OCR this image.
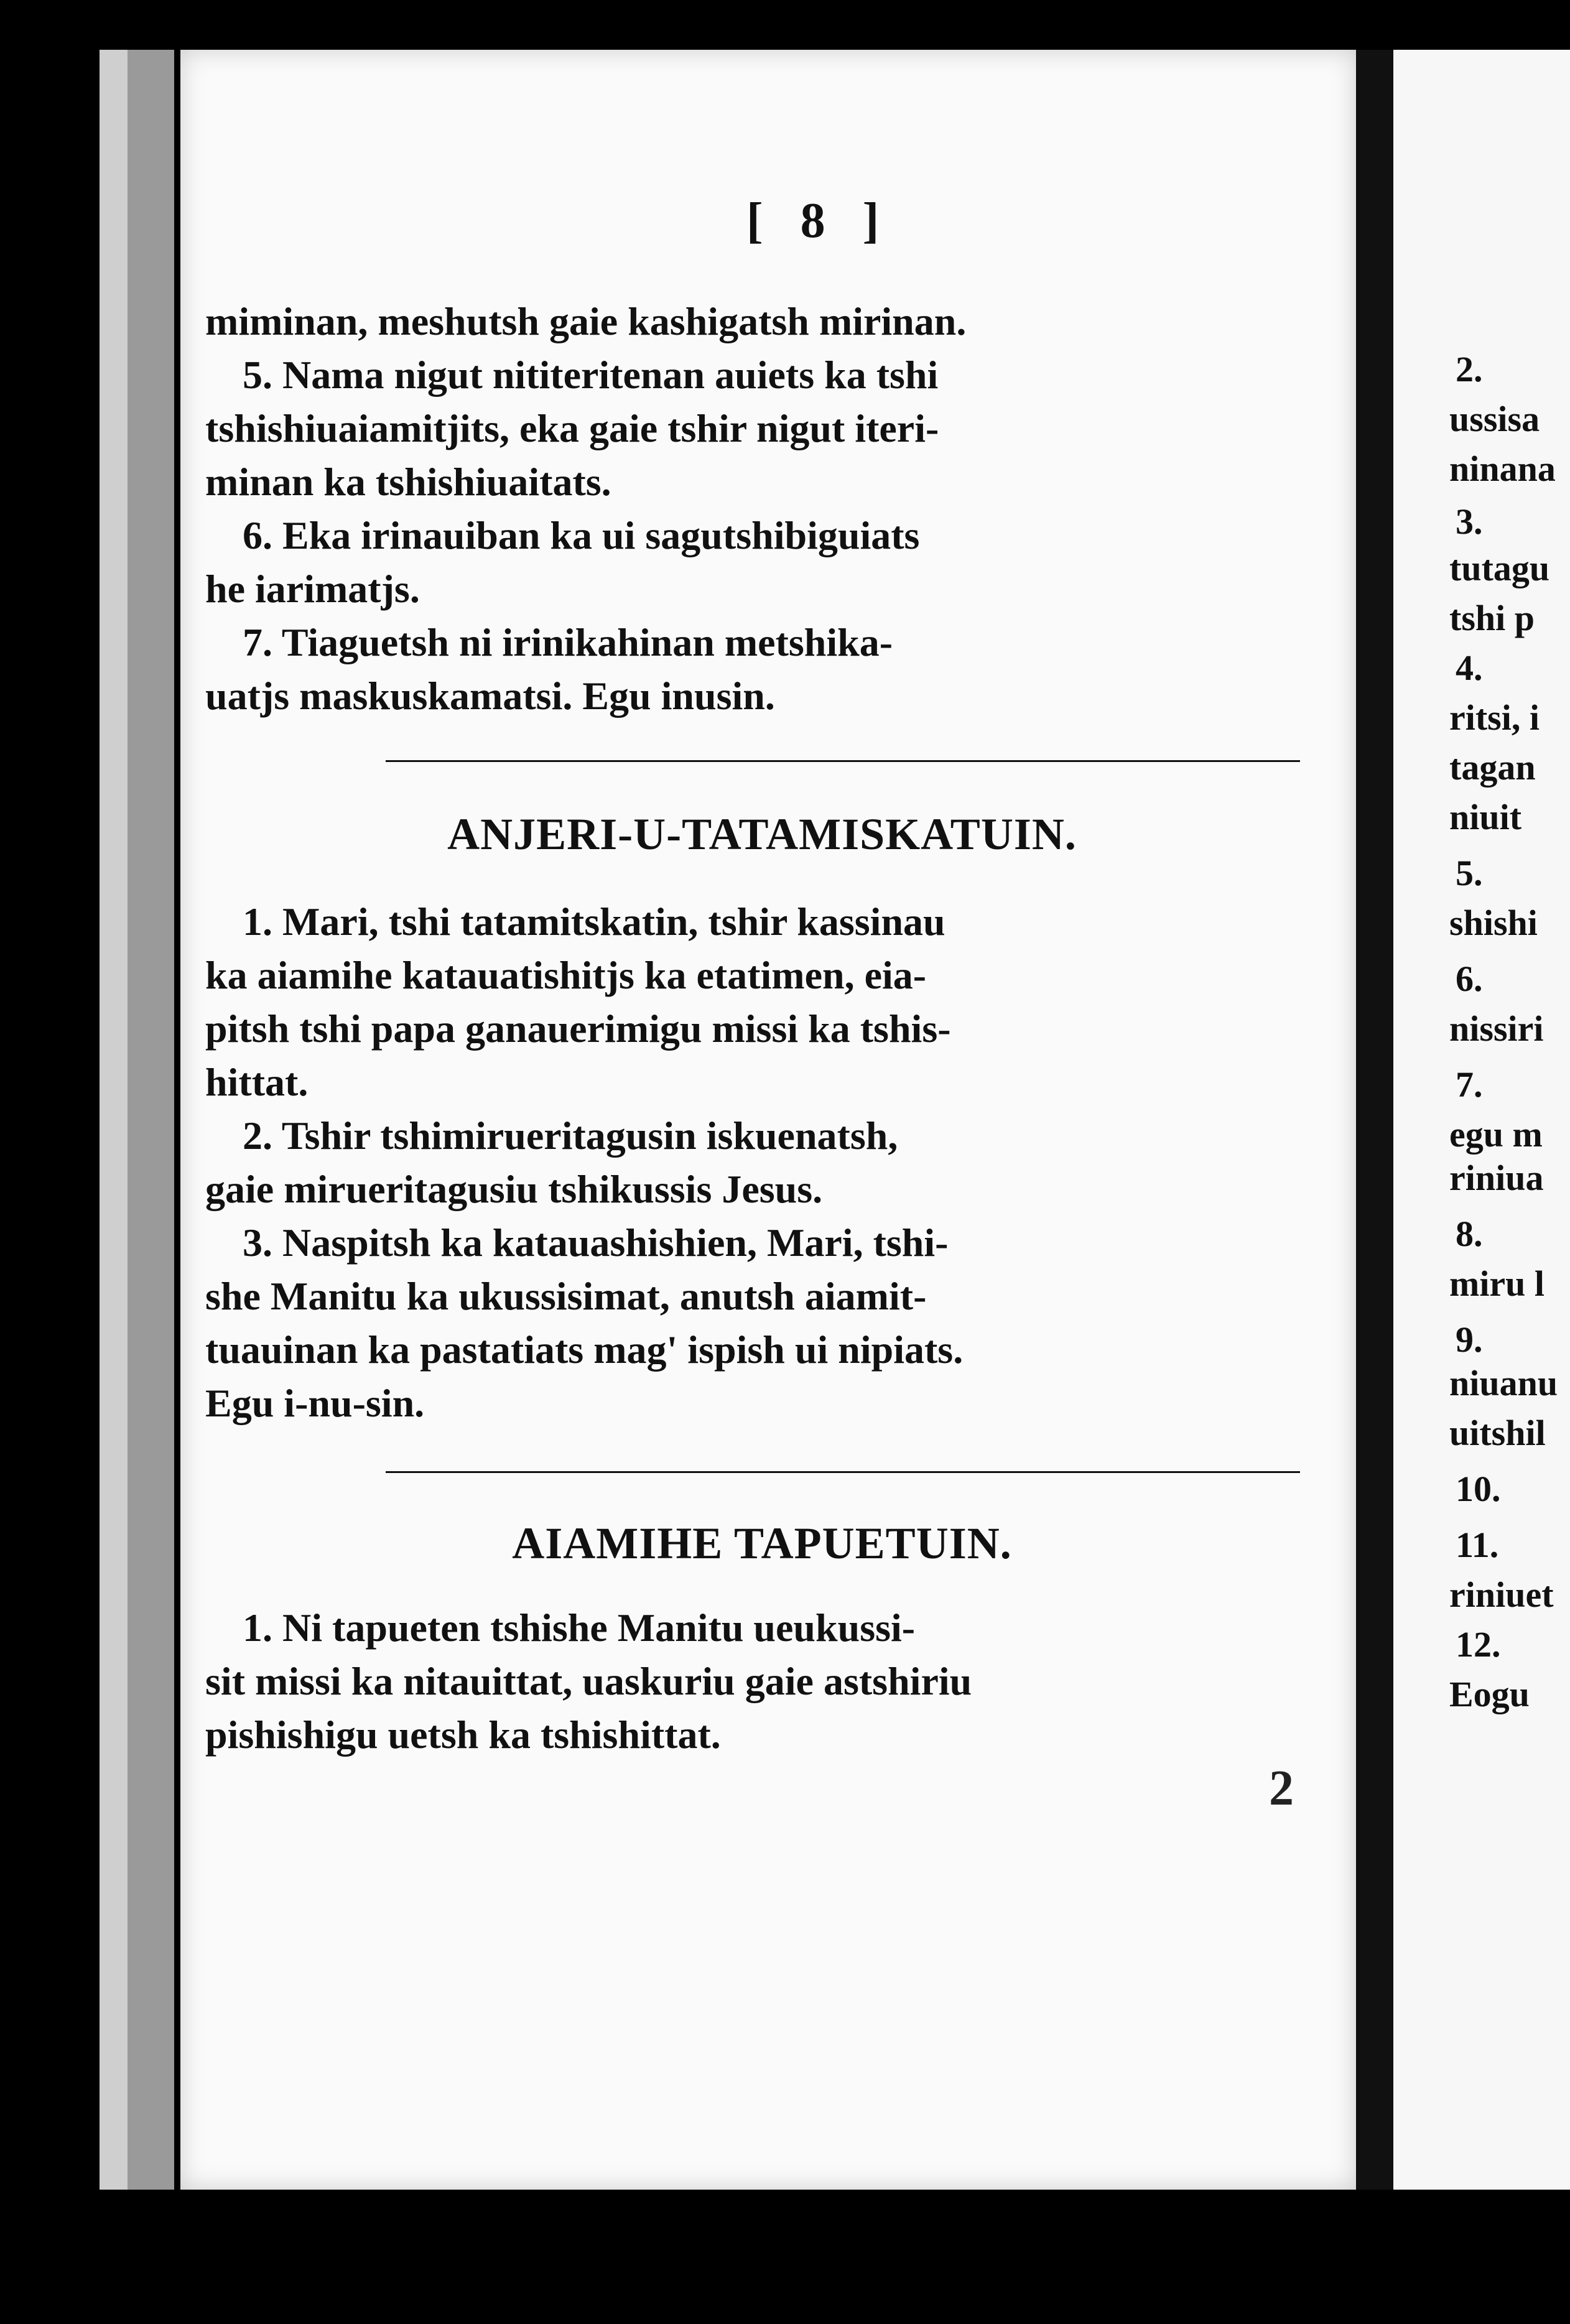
2.
ussisa
ninana
3.
tutagu
tshi p
4.
ritsi, i
tagan
niuit
5.
shishi
6.
nissiri
7.
egu m
riniua
8.
miru l
9.
niuanu
uitshil
10.
11.
riniuet
12.
Eogu
[ 8 ]

miminan, meshutsh gaie kashigatsh mirinan.

5. Nama nigut nititeritenan auiets ka tshi

tshishiuaiamitjits, eka gaie tshir nigut iteri-

minan ka tshishiuaitats.

6. Eka irinauiban ka ui sagutshibiguiats

he iarimatjs.

7. Tiaguetsh ni irinikahinan metshika-

uatjs maskuskamatsi. Egu inusin.

ANJERI-U-TATAMISKATUIN.

1. Mari, tshi tatamitskatin, tshir kassinau

ka aiamihe katauatishitjs ka etatimen, eia-

pitsh tshi papa ganauerimigu missi ka tshis-

hittat.

2. Tshir tshimirueritagusin iskuenatsh,

gaie mirueritagusiu tshikussis Jesus.

3. Naspitsh ka katauashishien, Mari, tshi-

she Manitu ka ukussisimat, anutsh aiamit-

tuauinan ka pastatiats mag' ispish ui nipiats.

Egu i-nu-sin.

AIAMIHE TAPUETUIN.

1. Ni tapueten tshishe Manitu ueukussi-

sit missi ka nitauittat, uaskuriu gaie astshiriu

pishishigu uetsh ka tshishittat.

2
